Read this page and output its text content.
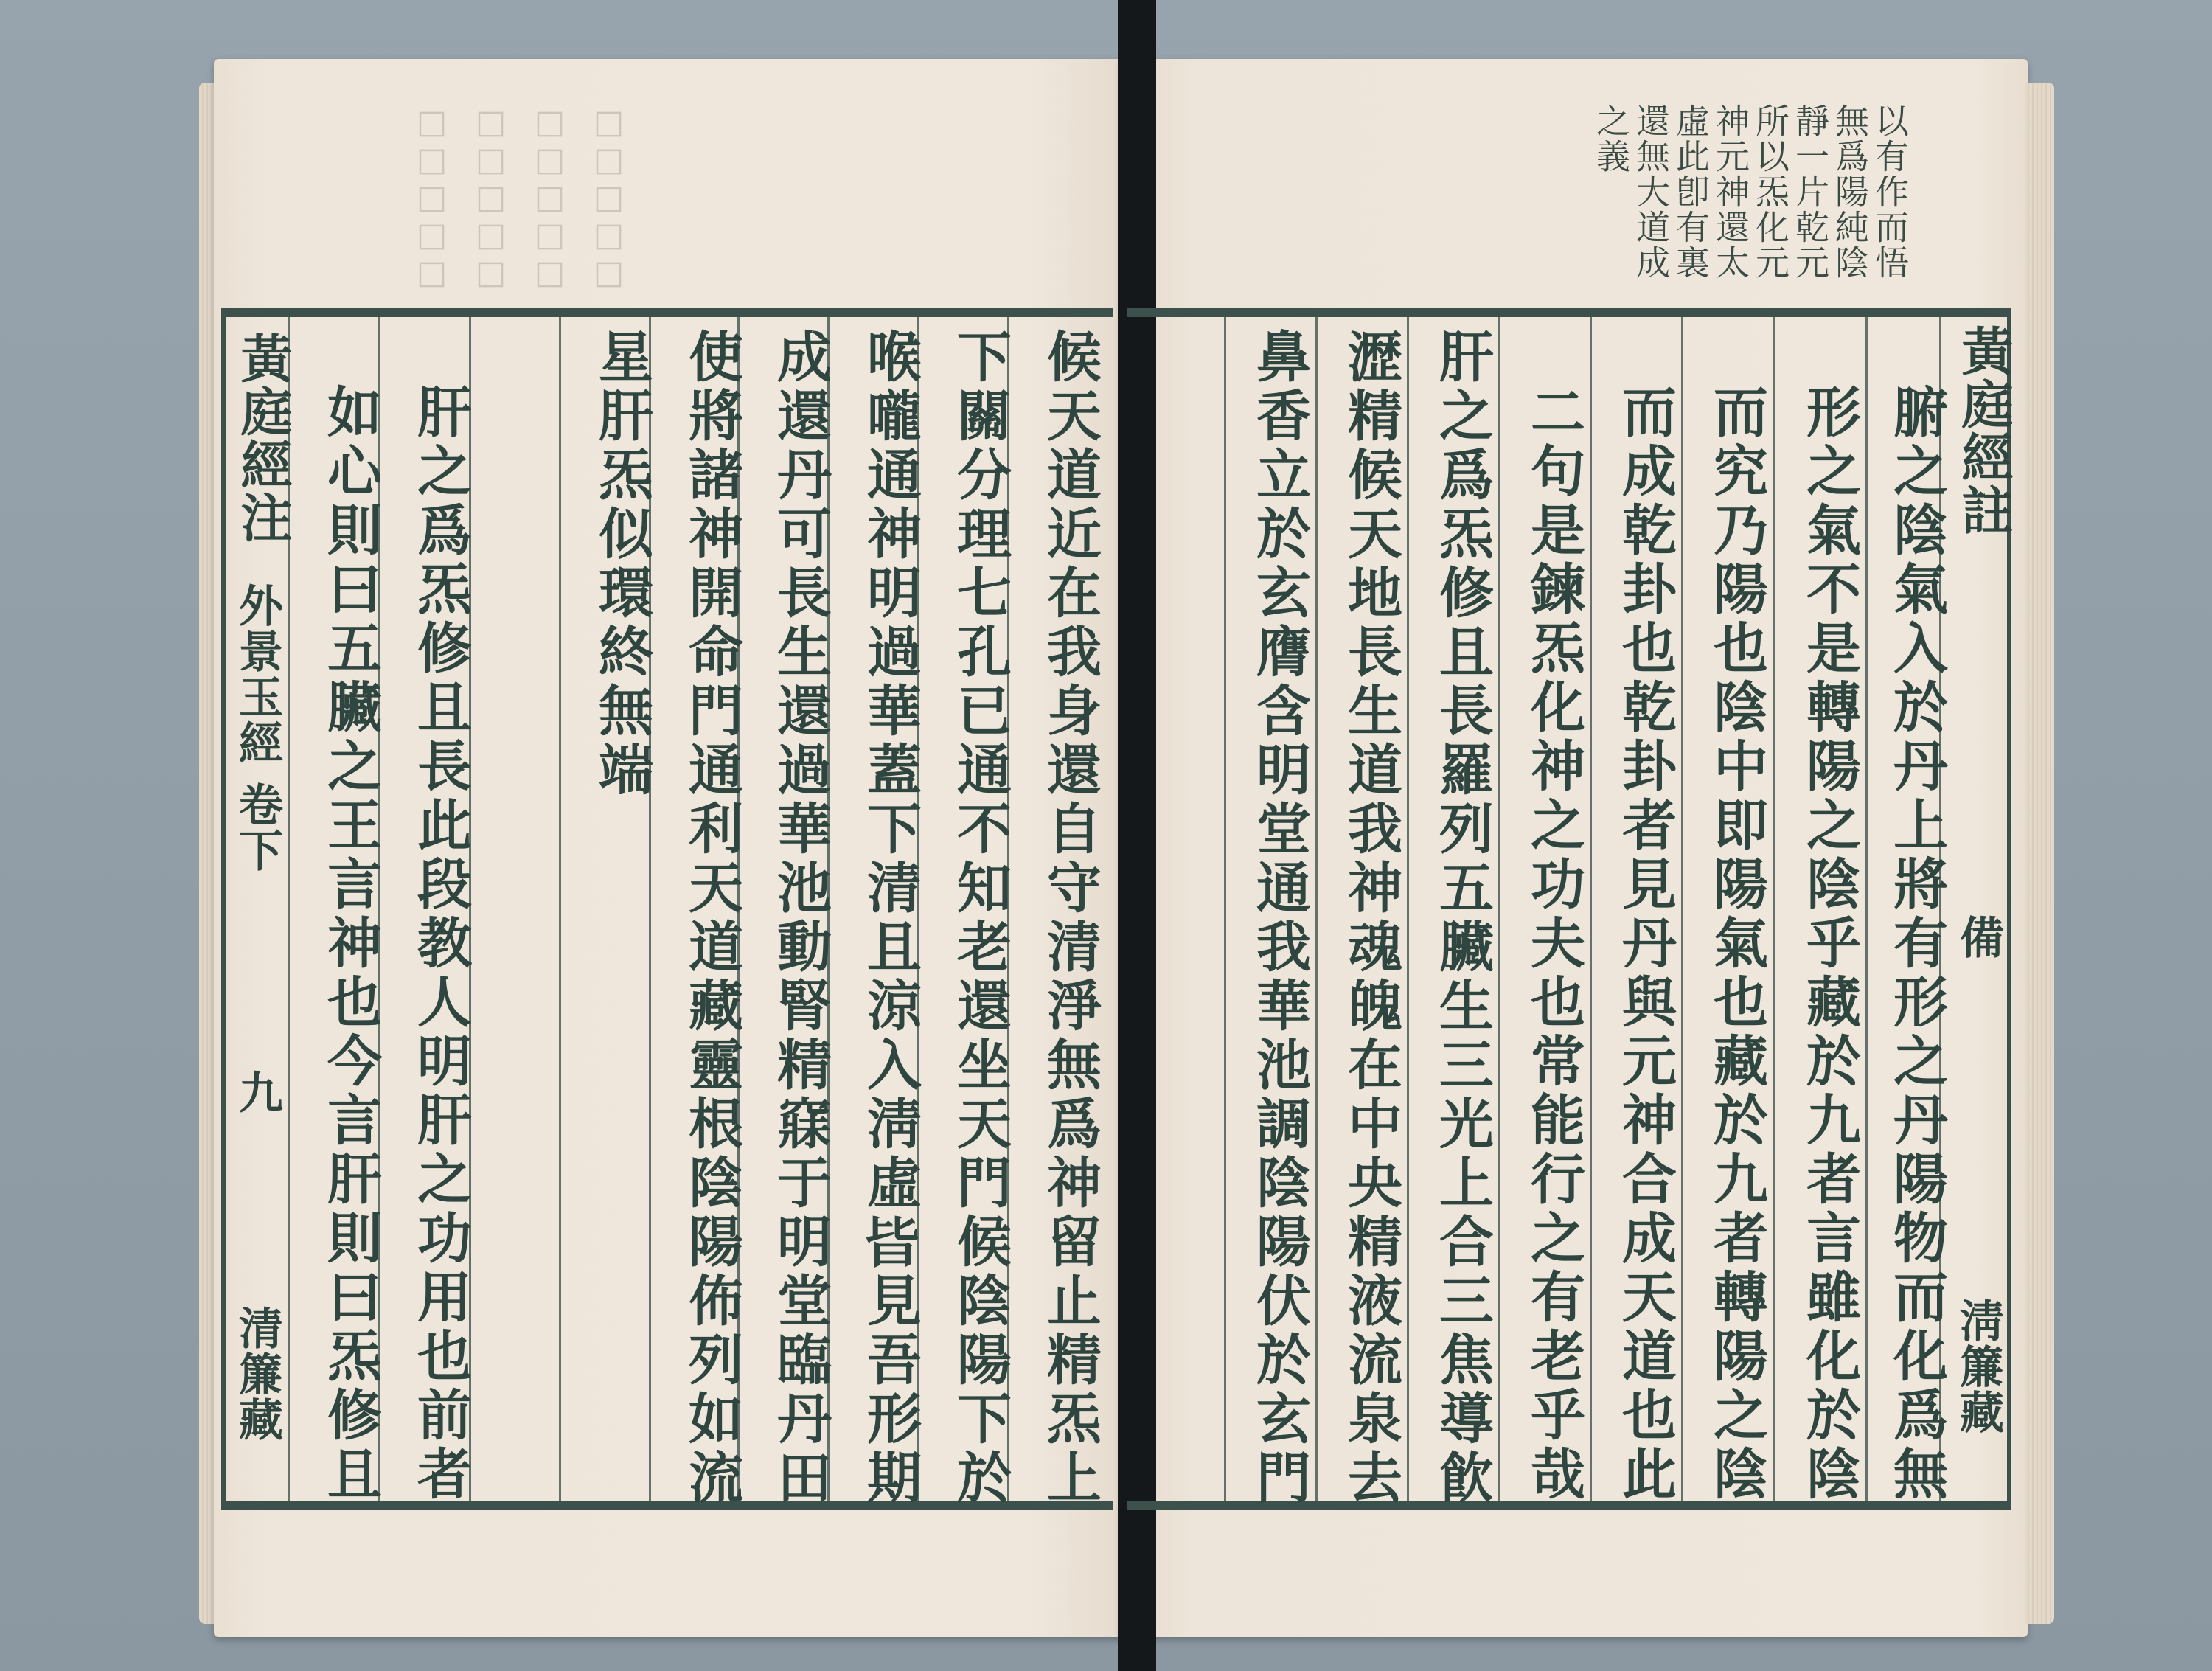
□□□□□ □□□□□ □□□□□ □□□□□
黃庭經注
外景玉經
卷下
九
清簾藏	候天道近在我身還自守清淨無爲神留止精炁上
下關分理七孔已通不知老還坐天門候陰陽下於
喉嚨通神明過華蓋下清且涼入淸虛𣅜見吾形期
成還丹可長生還過華池動腎精𥧌于明堂臨丹田
使將諸神開命門通利天道藏靈根陰陽佈列如流
星肝炁似環終無端
肝之爲炁修且長此段教人明肝之功用也前者
如心則曰五臟之王言神也今言肝則曰炁修且
以有作而悟
無爲陽純陰
靜一片乾元
所以炁化元
神元神還太
虛此卽有裏
還無大道成
之義
黃庭經註
備
淸簾藏
腑之陰氣入於丹上將有形之丹陽物而化爲無
形之氣不是轉陽之陰乎藏於九者言雖化於陰
而究乃陽也陰中即陽氣也藏於九者轉陽之陰
而成乾卦也乾卦者見丹與元神合成天道也此
二句是鍊炁化神之功夫也常能行之有老乎哉
肝之爲炁修且長羅列五臟生三光上合三焦導飮
𤁋精候天地長生道我神魂魄在中央精液流泉去
鼻香立於玄膺含明堂通我華池調陰陽伏於玄門
